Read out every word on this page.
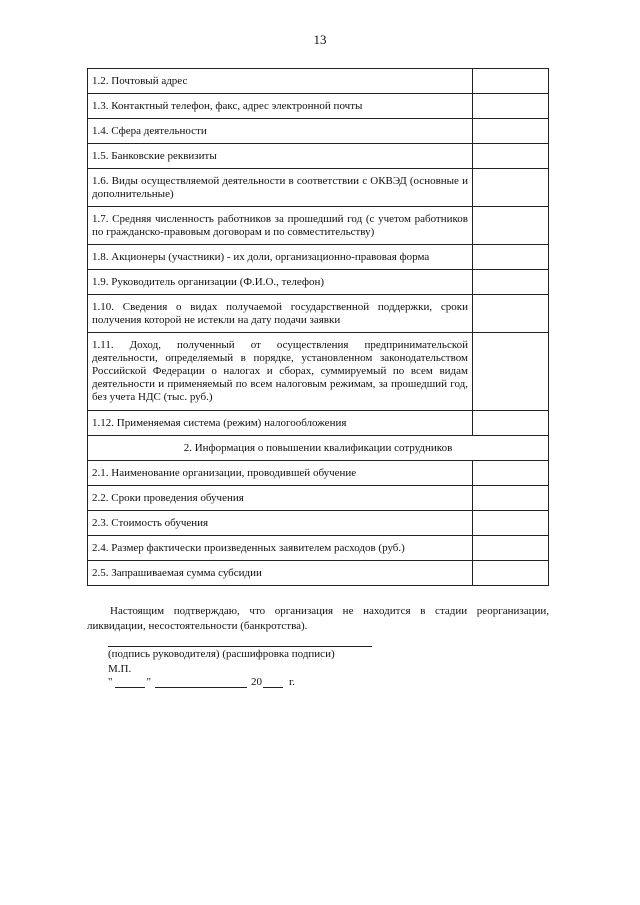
13
1.2. Почтовый адрес	
1.3. Контактный телефон, факс, адрес электронной почты	
1.4. Сфера деятельности	
1.5. Банковские реквизиты	
1.6. Виды осуществляемой деятельности в соответствии с ОКВЭД (основные и дополнительные)	
1.7. Средняя численность работников за прошедший год (с учетом работников по гражданско-правовым договорам и по совместительству)	
1.8. Акционеры (участники) - их доли, организационно-правовая форма	
1.9. Руководитель организации (Ф.И.О., телефон)	
1.10. Сведения о видах получаемой государственной поддержки, сроки получения которой не истекли на дату подачи заявки	
1.11. Доход, полученный от осуществления предпринимательской деятельности, определяемый в порядке, установленном законодательством Российской Федерации о налогах и сборах, суммируемый по всем видам деятельности и применяемый по всем налоговым режимам, за прошедший год, без учета НДС (тыс. руб.)	
1.12. Применяемая система (режим) налогообложения	
2. Информация о повышении квалификации сотрудников	
2.1. Наименование организации, проводившей обучение	
2.2. Сроки проведения обучения	
2.3. Стоимость обучения	
2.4. Размер фактически произведенных заявителем расходов (руб.)	
2.5. Запрашиваемая сумма субсидии	
Настоящим подтверждаю, что организация не находится в стадии реорганизации, ликвидации, несостоятельности (банкротства).
(подпись руководителя) (расшифровка подписи)
М.П.
"	"	20 г.
